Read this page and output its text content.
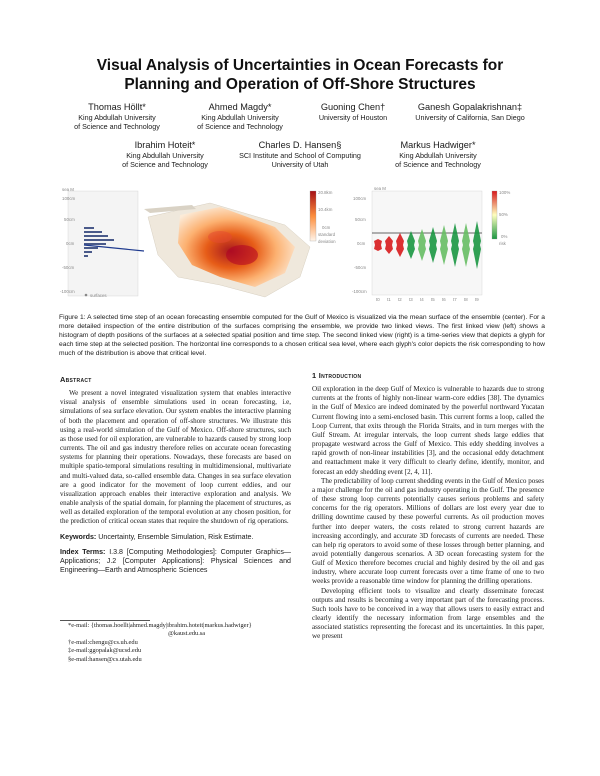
Visual Analysis of Uncertainties in Ocean Forecasts for
Planning and Operation of Off-Shore Structures
Thomas Höllt*
King Abdullah University
of Science and Technology
Ahmed Magdy*
King Abdullah University
of Science and Technology
Guoning Chen†
University of Houston

Ganesh Gopalakrishnan‡
University of California, San Diego

Ibrahim Hoteit*
King Abdullah University
of Science and Technology
Charles D. Hansen§
SCI Institute and School of Computing
University of Utah
Markus Hadwiger*
King Abdullah University
of Science and Technology
sea M
100cm
50cm
0cm
-50cm
-100cm
surfaces
20.8km
10.4km
0cm
standard
deviation
sea M
100cm
50cm
0cm
-50cm
-100cm
t0 t1 t2 t3 t4 t5 t6 t7 t8 t9
100%
50%
0%
risk
Figure 1: A selected time step of an ocean forecasting ensemble computed for the Gulf of Mexico is visualized via the mean surface of the ensemble (center). For a more detailed inspection of the entire distribution of the surfaces comprising the ensemble, we provide two linked views. The first linked view (left) shows a histogram of depth positions of the surfaces at a selected spatial position and time step. The second linked view (right) is a time-series view that depicts a glyph for each time step at the selected position. The horizontal line corresponds to a chosen critical sea level, where each glyph's color depicts the risk corresponding to how much of the distribution is above that critical level.
Abstract

We present a novel integrated visualization system that enables interactive visual analysis of ensemble simulations used in ocean forecasting, i.e, simulations of sea surface elevation. Our system enables the interactive planning of both the placement and operation of off-shore structures. We illustrate this using a real-world simulation of the Gulf of Mexico. Off-shore structures, such as those used for oil exploration, are vulnerable to hazards caused by strong loop currents. The oil and gas industry therefore relies on accurate ocean forecasting systems for planning their operations. Nowadays, these forecasts are based on multiple spatio-temporal simulations resulting in multidimensional, multivariate and multi-valued data, so-called ensemble data. Changes in sea surface elevation are a good indicator for the movement of loop current eddies, and our visualization approach enables their interactive exploration and analysis. We enable analysis of the spatial domain, for planning the placement of structures, as well as detailed exploration of the temporal evolution at any chosen position, for the prediction of critical ocean states that require the shutdown of rig operations.

Keywords: Uncertainty, Ensemble Simulation, Risk Estimate.

Index Terms: I.3.8 [Computing Methodologies]: Computer Graphics—Applications; J.2 [Computer Applications]: Physical Sciences and Engineering—Earth and Atmospheric Sciences

*e-mail: {thomas.hoellt|ahmed.magdy|ibrahim.hoteit|markus.hadwiger}
@kaust.edu.sa
†e-mail:chengu@cs.uh.edu
‡e-mail:ggopalak@ucsd.edu
§e-mail:hansen@cs.utah.edu
1 Introduction

Oil exploration in the deep Gulf of Mexico is vulnerable to hazards due to strong currents at the fronts of highly non-linear warm-core eddies [38]. The dynamics in the Gulf of Mexico are indeed dominated by the powerful northward Yucatan Current flowing into a semi-enclosed basin. This current forms a loop, called the Loop Current, that exits through the Florida Straits, and in turn merges with the Gulf Stream. At irregular intervals, the loop current sheds large eddies that propagate westward across the Gulf of Mexico. This eddy shedding involves a rapid growth of non-linear instabilities [3], and the occasional eddy detachment and reattachment make it very difficult to clearly define, identify, monitor, and forecast an eddy shedding event [2, 4, 11].

The predictability of loop current shedding events in the Gulf of Mexico poses a major challenge for the oil and gas industry operating in the Gulf. The presence of these strong loop currents potentially causes serious problems and safety concerns for the rig operators. Millions of dollars are lost every year due to drilling downtime caused by these powerful currents. As oil production moves further into deeper waters, the costs related to strong current hazards are increasing accordingly, and accurate 3D forecasts of currents are needed. These can help rig operators to avoid some of these losses through better planning, and avoid potentially dangerous scenarios. A 3D ocean forecasting system for the Gulf of Mexico therefore becomes crucial and highly desired by the oil and gas industry, where accurate loop current forecasts over a time frame of one to two weeks provide a reasonable time window for planning the drilling operations.

Developing efficient tools to visualize and clearly disseminate forecast outputs and results is becoming a very important part of the forecasting process. Such tools have to be conceived in a way that allows users to easily extract and clearly identify the necessary information from large ensembles and the associated statistics representing the forecast and its uncertainties. In this paper, we present
